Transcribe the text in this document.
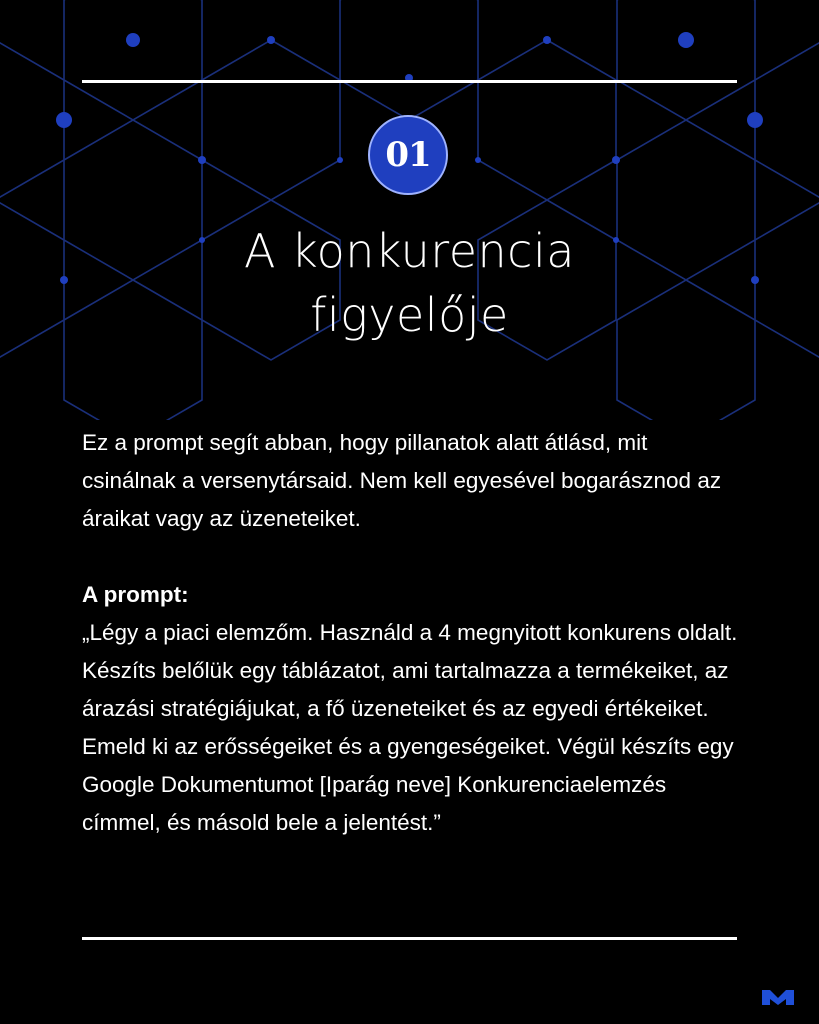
01
A konkurencia
figyelője

Ez a prompt segít abban, hogy pillanatok alatt átlásd, mit csinálnak a versenytársaid. Nem kell egyesével bogarásznod az áraikat vagy az üzeneteiket.

A prompt:

„Légy a piaci elemzőm. Használd a 4 megnyitott konkurens oldalt. Készíts belőlük egy táblázatot, ami tartalmazza a termékeiket, az árazási stratégiájukat, a fő üzeneteiket és az egyedi értékeiket. Emeld ki az erősségeiket és a gyengeségeiket. Végül készíts egy Google Dokumentumot [Iparág neve] Konkurenciaelemzés címmel, és másold bele a jelentést.”
